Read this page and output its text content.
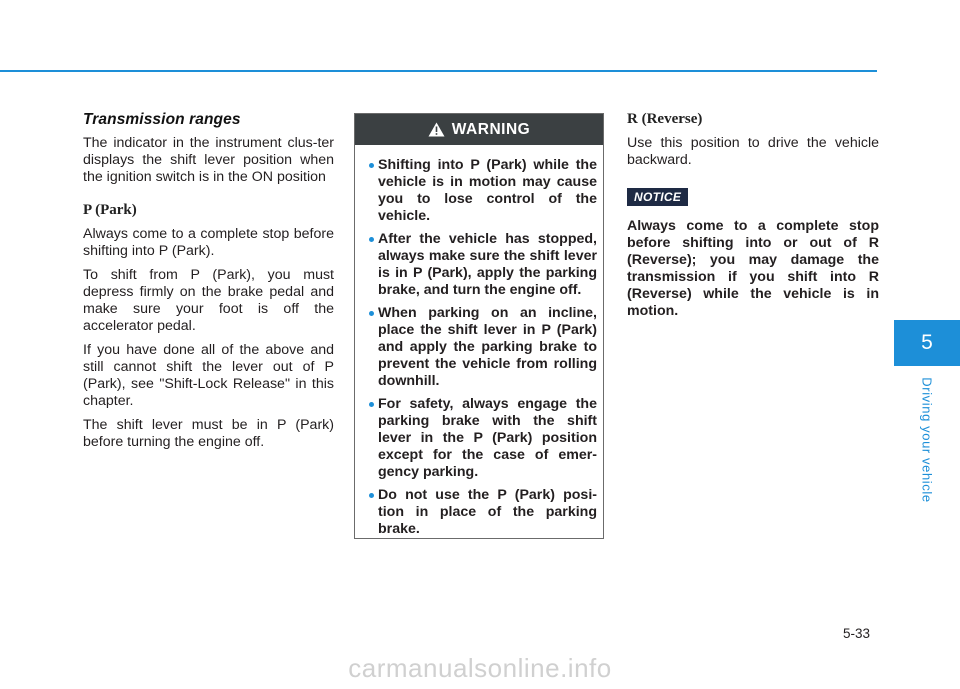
Transmission ranges

The indicator in the instrument clus-ter displays the shift lever position when the ignition switch is in the ON position

P (Park)

Always come to a complete stop before shifting into P (Park).

To shift from P (Park), you must depress firmly on the brake pedal and make sure your foot is off the accelerator pedal.

If you have done all of the above and still cannot shift the lever out of P (Park), see "Shift-Lock Release" in this chapter.

The shift lever must be in P (Park) before turning the engine off.

WARNING
Shifting into P (Park) while the vehicle is in motion may cause you to lose control of the vehicle.
After the vehicle has stopped, always make sure the shift lever is in P (Park), apply the parking brake, and turn the engine off.
When parking on an incline, place the shift lever in P (Park) and apply the parking brake to prevent the vehicle from rolling downhill.
For safety, always engage the parking brake with the shift lever in the P (Park) position except for the case of emer-gency parking.
Do not use the P (Park) posi-tion in place of the parking brake.
R (Reverse)

Use this position to drive the vehicle backward.

NOTICE

Always come to a complete stop before shifting into or out of R (Reverse); you may damage the transmission if you shift into R (Reverse) while the vehicle is in motion.

5
Driving your vehicle
5-33
carmanualsonline.info
